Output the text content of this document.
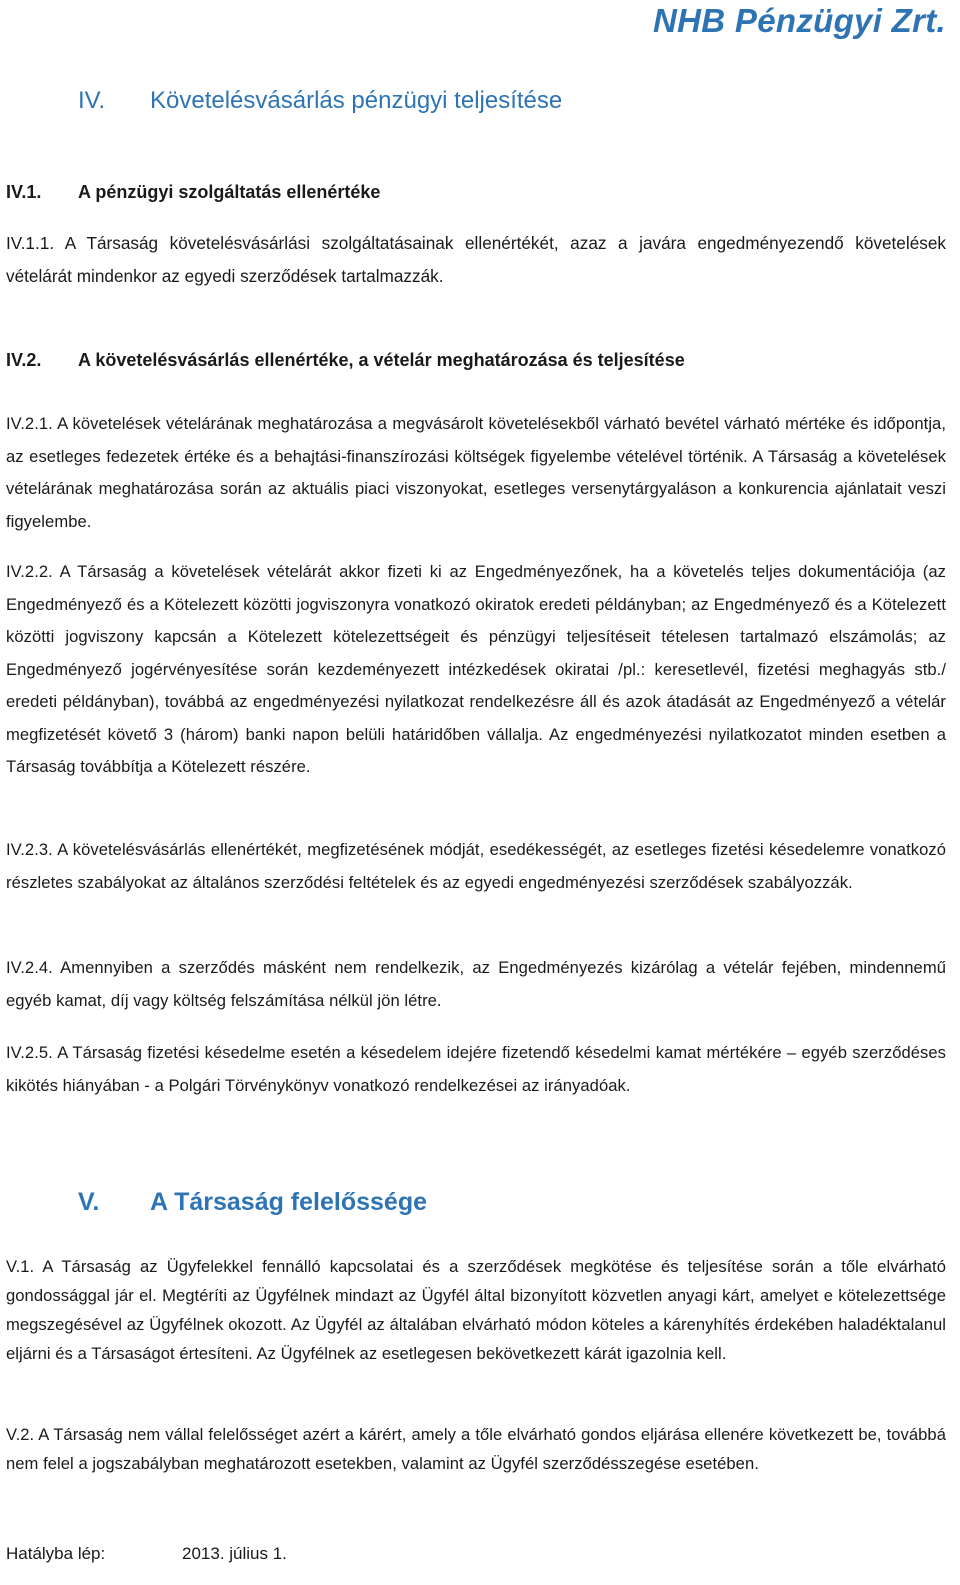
NHB Pénzügyi Zrt.
IV. Követelésvásárlás pénzügyi teljesítése
IV.1. A pénzügyi szolgáltatás ellenértéke
IV.1.1. A Társaság követelésvásárlási szolgáltatásainak ellenértékét, azaz a javára engedményezendő követelések vételárát mindenkor az egyedi szerződések tartalmazzák.
IV.2. A követelésvásárlás ellenértéke, a vételár meghatározása és teljesítése
IV.2.1. A követelések vételárának meghatározása a megvásárolt követelésekből várható bevétel várható mértéke és időpontja, az esetleges fedezetek értéke és a behajtási-finanszírozási költségek figyelembe vételével történik. A Társaság a követelések vételárának meghatározása során az aktuális piaci viszonyokat, esetleges versenytárgyaláson a konkurencia ajánlatait veszi figyelembe.
IV.2.2. A Társaság a követelések vételárát akkor fizeti ki az Engedményezőnek, ha a követelés teljes dokumentációja (az Engedményező és a Kötelezett közötti jogviszonyra vonatkozó okiratok eredeti példányban; az Engedményező és a Kötelezett közötti jogviszony kapcsán a Kötelezett kötelezettségeit és pénzügyi teljesítéseit tételesen tartalmazó elszámolás; az Engedményező jogérvényesítése során kezdeményezett intézkedések okiratai /pl.: keresetlevél, fizetési meghagyás stb./ eredeti példányban), továbbá az engedményezési nyilatkozat rendelkezésre áll és azok átadását az Engedményező a vételár megfizetését követő 3 (három) banki napon belüli határidőben vállalja. Az engedményezési nyilatkozatot minden esetben a Társaság továbbítja a Kötelezett részére.
IV.2.3. A követelésvásárlás ellenértékét, megfizetésének módját, esedékességét, az esetleges fizetési késedelemre vonatkozó részletes szabályokat az általános szerződési feltételek és az egyedi engedményezési szerződések szabályozzák.
IV.2.4. Amennyiben a szerződés másként nem rendelkezik, az Engedményezés kizárólag a vételár fejében, mindennemű egyéb kamat, díj vagy költség felszámítása nélkül jön létre.
IV.2.5. A Társaság fizetési késedelme esetén a késedelem idejére fizetendő késedelmi kamat mértékére – egyéb szerződéses kikötés hiányában - a Polgári Törvénykönyv vonatkozó rendelkezései az irányadóak.
V. A Társaság felelőssége
V.1. A Társaság az Ügyfelekkel fennálló kapcsolatai és a szerződések megkötése és teljesítése során a tőle elvárható gondossággal jár el. Megtéríti az Ügyfélnek mindazt az Ügyfél által bizonyított közvetlen anyagi kárt, amelyet e kötelezettsége megszegésével az Ügyfélnek okozott. Az Ügyfél az általában elvárható módon köteles a kárenyhítés érdekében haladéktalanul eljárni és a Társaságot értesíteni. Az Ügyfélnek az esetlegesen bekövetkezett kárát igazolnia kell.
V.2. A Társaság nem vállal felelősséget azért a kárért, amely a tőle elvárható gondos eljárása ellenére következett be, továbbá nem felel a jogszabályban meghatározott esetekben, valamint az Ügyfél szerződésszegése esetében.
Hatályba lép:	2013. július 1.
